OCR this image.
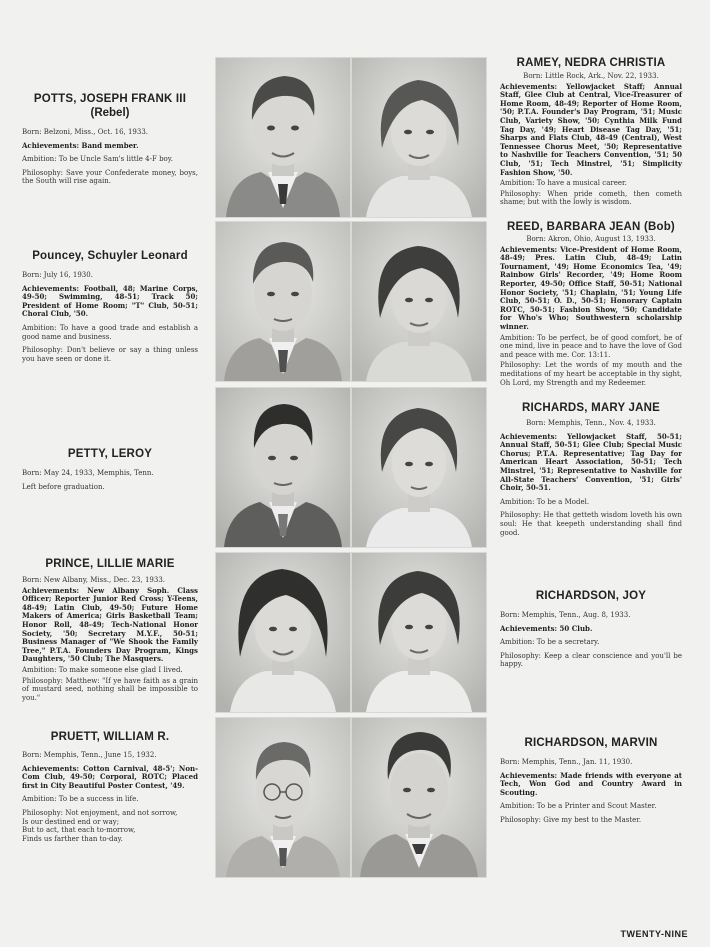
POTTS, JOSEPH FRANK III
(Rebel)

Born: Belzoni, Miss., Oct. 16, 1933.

Achievements: Band member.

Ambition: To be Uncle Sam's little 4-F boy.

Philosophy: Save your Confederate money, boys, the South will rise again.

Pouncey, Schuyler Leonard

Born: July 16, 1930.

Achievements: Football, 48; Marine Corps, 49-50; Swimming, 48-51; Track 50; President of Home Room; "T" Club, 50-51; Choral Club, '50.

Ambition: To have a good trade and establish a good name and business.

Philosophy: Don't believe or say a thing unless you have seen or done it.

PETTY, LEROY

Born: May 24, 1933, Memphis, Tenn.

Left before graduation.

PRINCE, LILLIE MARIE

Born: New Albany, Miss., Dec. 23, 1933.

Achievements: New Albany Soph. Class Officer; Reporter Junior Red Cross; Y-Teens, 48-49; Latin Club, 49-50; Future Home Makers of America; Girls Basketball Team; Honor Roll, 48-49; Tech-National Honor Society, '50; Secretary M.Y.F., 50-51; Business Manager of "We Shook the Family Tree," P.T.A. Founders Day Program, Kings Daughters, '50 Club; The Masquers.

Ambition: To make someone else glad I lived.

Philosophy: Matthew: "If ye have faith as a grain of mustard seed, nothing shall be impossible to you."

PRUETT, WILLIAM R.

Born: Memphis, Tenn., June 15, 1932.

Achievements: Cotton Carnival, 48-5'; Non-Com Club, 49-50; Corporal, ROTC; Placed first in City Beautiful Poster Contest, '49.

Ambition: To be a success in life.

Philosophy: Not enjoyment, and not sorrow,
Is our destined end or way;
But to act, that each to-morrow,
Finds us farther than to-day.
RAMEY, NEDRA CHRISTIA

Born: Little Rock, Ark., Nov. 22, 1933.

Achievements: Yellowjacket Staff; Annual Staff, Glee Club at Central, Vice-Treasurer of Home Room, 48-49; Reporter of Home Room, '50; P.T.A. Founder's Day Program, '51; Music Club, Variety Show, '50; Cynthia Milk Fund Tag Day, '49; Heart Disease Tag Day, '51; Sharps and Flats Club, 48-49 (Central), West Tennessee Chorus Meet, '50; Representative to Nashville for Teachers Convention, '51; 50 Club, '51; Tech Minstrel, '51; Simplicity Fashion Show, '50.

Ambition: To have a musical career.

Philosophy: When pride cometh, then cometh shame; but with the lowly is wisdom.

REED, BARBARA JEAN (Bob)

Born: Akron, Ohio, August 13, 1933.

Achievements: Vice-President of Home Room, 48-49; Pres. Latin Club, 48-49; Latin Tournament, '49; Home Economics Tea, '49; Rainbow Girls' Recorder, '49; Home Room Reporter, 49-50; Office Staff, 50-51; National Honor Society, '51; Chaplain, '51; Young Life Club, 50-51; O. D., 50-51; Honorary Captain ROTC, 50-51; Fashion Show, '50; Candidate for Who's Who; Southwestern scholarship winner.

Ambition: To be perfect, be of good comfort, be of one mind, live in peace and to have the love of God and peace with me. Cor. 13:11.

Philosophy: Let the words of my mouth and the meditations of my heart be acceptable in thy sight, Oh Lord, my Strength and my Redeemer.

RICHARDS, MARY JANE

Born: Memphis, Tenn., Nov. 4, 1933.

Achievements: Yellowjacket Staff, 50-51; Annual Staff, 50-51; Glee Club; Special Music Chorus; P.T.A. Representative; Tag Day for American Heart Association, 50-51; Tech Minstrel, '51; Representative to Nashville for All-State Teachers' Convention, '51; Girls' Choir, 50-51.

Ambition: To be a Model.

Philosophy: He that getteth wisdom loveth his own soul: He that keepeth understanding shall find good.

RICHARDSON, JOY

Born: Memphis, Tenn., Aug. 8, 1933.

Achievements: 50 Club.

Ambition: To be a secretary.

Philosophy: Keep a clear conscience and you'll be happy.

RICHARDSON, MARVIN

Born: Memphis, Tenn., Jan. 11, 1930.

Achievements: Made friends with everyone at Tech, Won God and Country Award in Scouting.

Ambition: To be a Printer and Scout Master.

Philosophy: Give my best to the Master.

TWENTY-NINE
